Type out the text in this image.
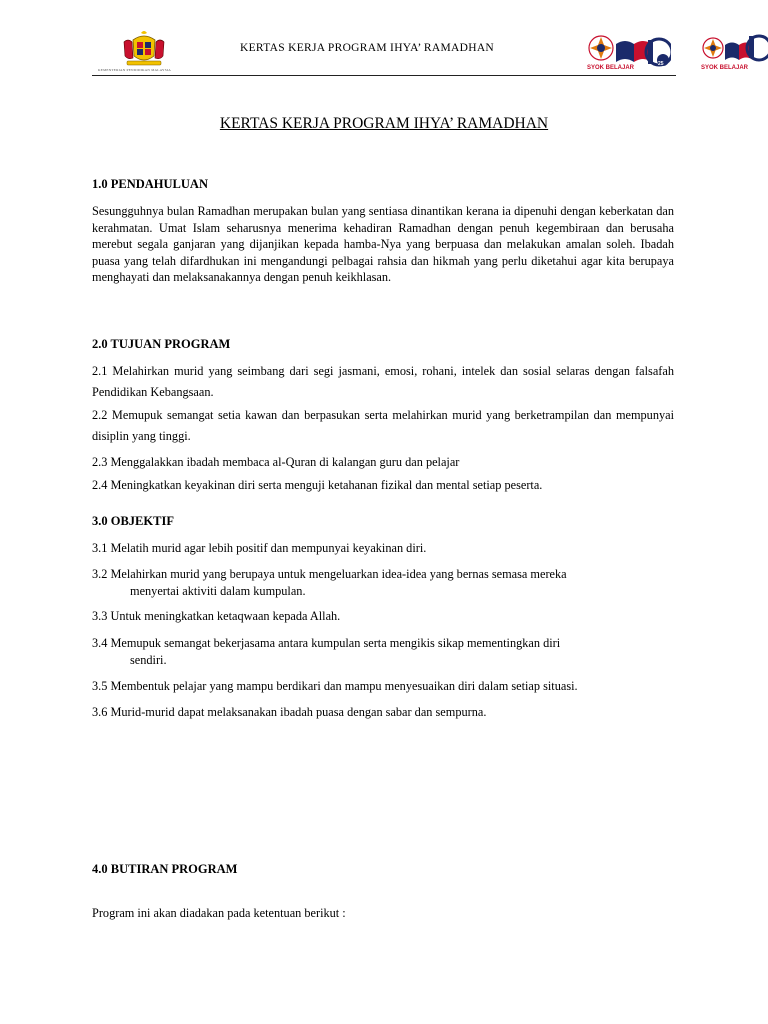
KEMENTERIAN PENDIDIKAN MALAYSIA
KERTAS KERJA PROGRAM IHYA’ RAMADHAN
SYOK BELAJAR
25
SYOK BELAJAR
KERTAS KERJA PROGRAM IHYA’ RAMADHAN
1.0 PENDAHULUAN
Sesungguhnya bulan Ramadhan merupakan bulan yang sentiasa dinantikan kerana ia dipenuhi dengan keberkatan dan kerahmatan. Umat Islam seharusnya menerima kehadiran Ramadhan dengan penuh kegembiraan dan berusaha merebut segala ganjaran yang dijanjikan kepada hamba-Nya yang berpuasa dan melakukan amalan soleh. Ibadah puasa yang telah difardhukan ini mengandungi pelbagai rahsia dan hikmah yang perlu diketahui agar kita berupaya menghayati dan melaksanakannya dengan penuh keikhlasan.
2.0 TUJUAN PROGRAM
2.1 Melahirkan murid yang seimbang dari segi jasmani, emosi, rohani, intelek dan sosial selaras dengan falsafah Pendidikan Kebangsaan.
2.2 Memupuk semangat setia kawan dan berpasukan serta melahirkan murid yang berketrampilan dan mempunyai disiplin yang tinggi.
2.3 Menggalakkan ibadah membaca al-Quran di kalangan guru dan pelajar
2.4 Meningkatkan keyakinan diri serta menguji ketahanan fizikal dan mental setiap peserta.
3.0 OBJEKTIF
3.1 Melatih murid agar lebih positif dan mempunyai keyakinan diri.
3.2 Melahirkan murid yang berupaya untuk mengeluarkan idea-idea yang bernas semasa mereka
menyertai aktiviti dalam kumpulan.
3.3 Untuk meningkatkan ketaqwaan kepada Allah.
3.4 Memupuk semangat bekerjasama antara kumpulan serta mengikis sikap mementingkan diri
sendiri.
3.5 Membentuk pelajar yang mampu berdikari dan mampu menyesuaikan diri dalam setiap situasi.
3.6 Murid-murid dapat melaksanakan ibadah puasa dengan sabar dan sempurna.
4.0 BUTIRAN PROGRAM
Program ini akan diadakan pada ketentuan berikut :
